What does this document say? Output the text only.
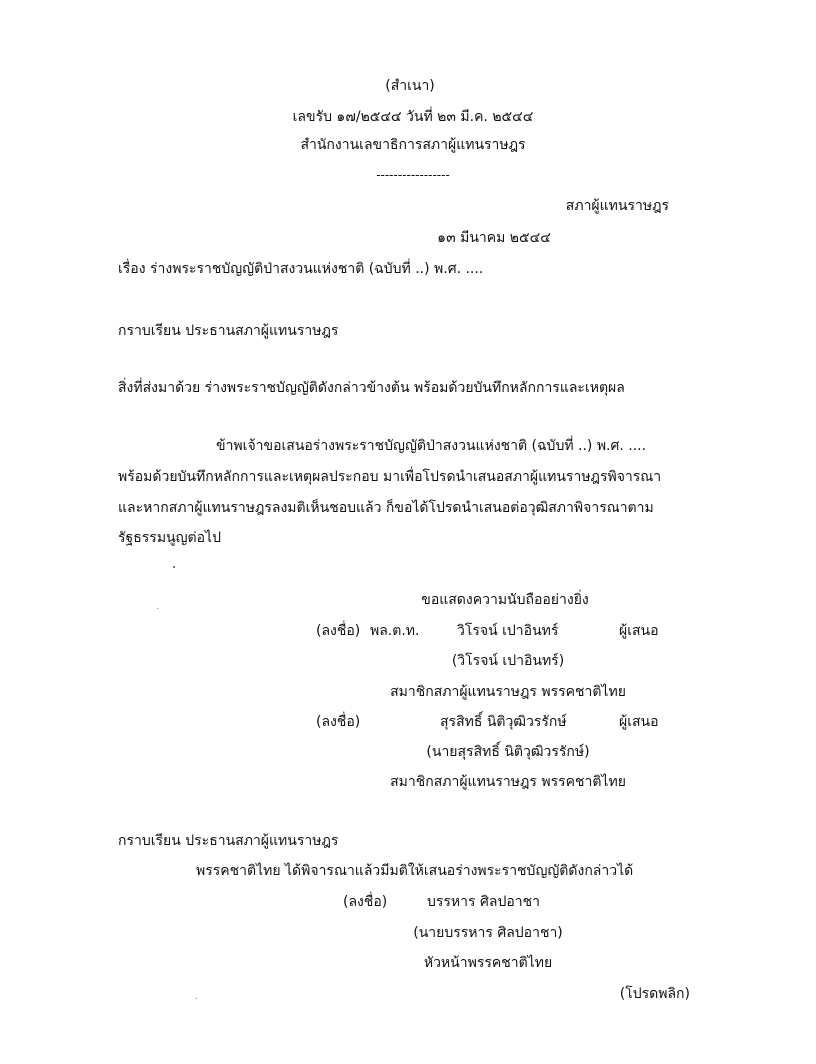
(สำเนา)
เลขรับ ๑๗/๒๕๔๔ วันที่ ๒๓ มี.ค. ๒๕๔๔
สำนักงานเลขาธิการสภาผู้แทนราษฎร
-----------------
สภาผู้แทนราษฎร
๑๓ มีนาคม ๒๕๔๔
เรื่อง ร่างพระราชบัญญัติป่าสงวนแห่งชาติ (ฉบับที่ ..) พ.ศ. ....
กราบเรียน ประธานสภาผู้แทนราษฎร
สิ่งที่ส่งมาด้วย ร่างพระราชบัญญัติดังกล่าวข้างต้น พร้อมด้วยบันทึกหลักการและเหตุผล
ข้าพเจ้าขอเสนอร่างพระราชบัญญัติป่าสงวนแห่งชาติ (ฉบับที่ ..) พ.ศ. ....
พร้อมด้วยบันทึกหลักการและเหตุผลประกอบ มาเพื่อโปรดนำเสนอสภาผู้แทนราษฎรพิจารณา
และหากสภาผู้แทนราษฎรลงมติเห็นชอบแล้ว ก็ขอได้โปรดนำเสนอต่อวุฒิสภาพิจารณาตาม
รัฐธรรมนูญต่อไป
ขอแสดงความนับถืออย่างยิ่ง
(ลงชื่อ) พล.ต.ท.	วิโรจน์ เปาอินทร์	ผู้เสนอ
(วิโรจน์ เปาอินทร์)
สมาชิกสภาผู้แทนราษฎร พรรคชาติไทย
(ลงชื่อ)	สุรสิทธิ์ นิติวุฒิวรรักษ์	ผู้เสนอ
(นายสุรสิทธิ์ นิติวุฒิวรรักษ์)
สมาชิกสภาผู้แทนราษฎร พรรคชาติไทย
กราบเรียน ประธานสภาผู้แทนราษฎร
พรรคชาติไทย ได้พิจารณาแล้วมีมติให้เสนอร่างพระราชบัญญัติดังกล่าวได้
(ลงชื่อ)	บรรหาร ศิลปอาชา
(นายบรรหาร ศิลปอาชา)
หัวหน้าพรรคชาติไทย
(โปรดพลิก)
